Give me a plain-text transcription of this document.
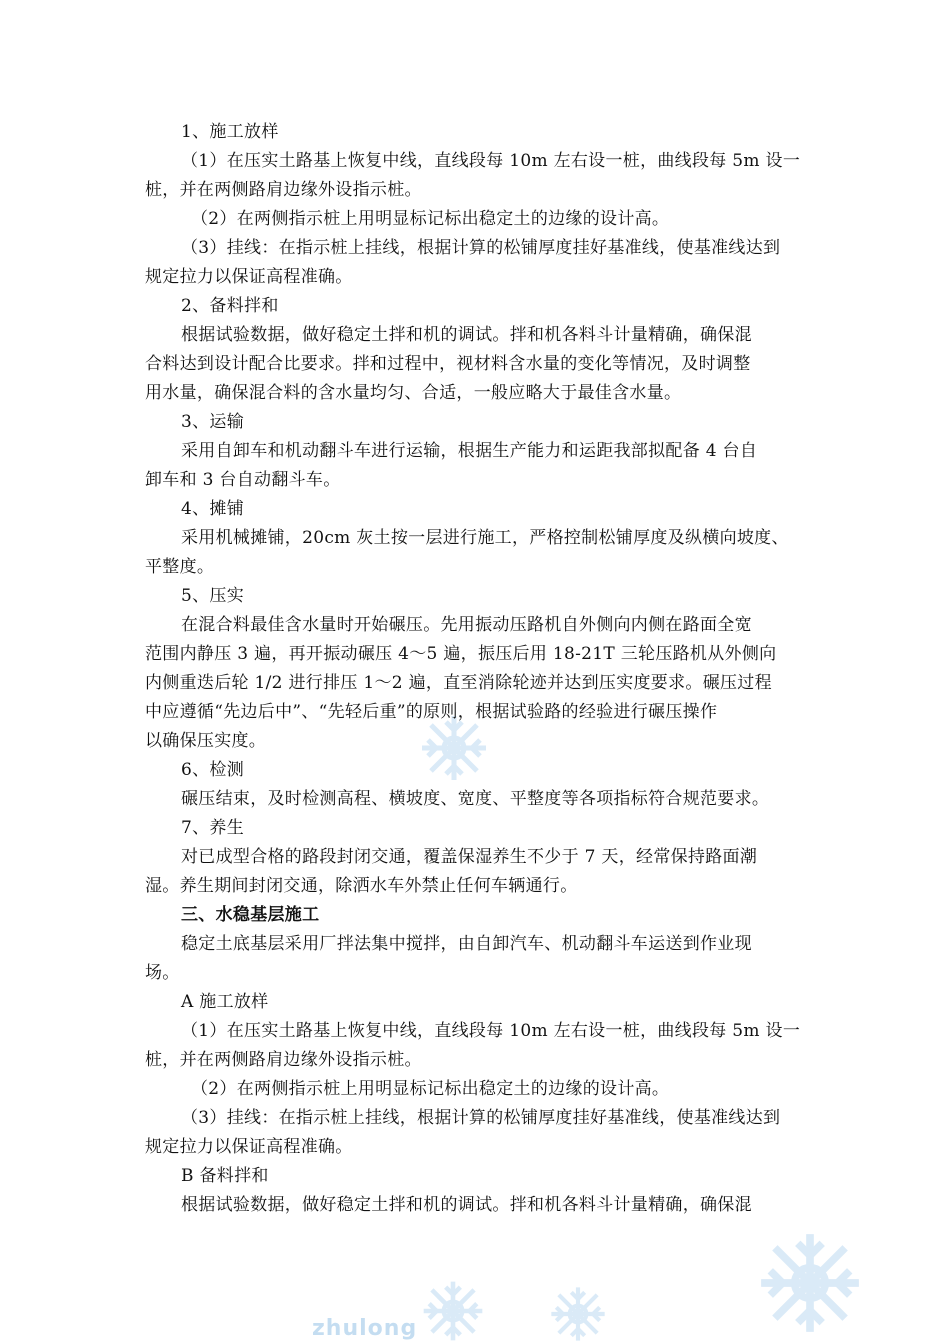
zhulong
1、施工放样
（1）在压实土路基上恢复中线，直线段每 10m 左右设一桩，曲线段每 5m 设一
桩，并在两侧路肩边缘外设指示桩。
（2）在两侧指示桩上用明显标记标出稳定土的边缘的设计高。
（3）挂线：在指示桩上挂线，根据计算的松铺厚度挂好基准线，使基准线达到
规定拉力以保证高程准确。
2、备料拌和
根据试验数据，做好稳定土拌和机的调试。拌和机各料斗计量精确，确保混
合料达到设计配合比要求。拌和过程中，视材料含水量的变化等情况，及时调整
用水量，确保混合料的含水量均匀、合适，一般应略大于最佳含水量。
3、运输
采用自卸车和机动翻斗车进行运输，根据生产能力和运距我部拟配备 4 台自
卸车和 3 台自动翻斗车。
4、摊铺
采用机械摊铺，20cm 灰土按一层进行施工，严格控制松铺厚度及纵横向坡度、
平整度。
5、压实
在混合料最佳含水量时开始碾压。先用振动压路机自外侧向内侧在路面全宽
范围内静压 3 遍，再开振动碾压 4～5 遍，振压后用 18-21T 三轮压路机从外侧向
内侧重迭后轮 1/2 进行排压 1～2 遍，直至消除轮迹并达到压实度要求。碾压过程
中应遵循“先边后中”、“先轻后重”的原则，根据试验路的经验进行碾压操作
以确保压实度。
6、检测
碾压结束，及时检测高程、横坡度、宽度、平整度等各项指标符合规范要求。
7、养生
对已成型合格的路段封闭交通，覆盖保湿养生不少于 7 天，经常保持路面潮
湿。养生期间封闭交通，除洒水车外禁止任何车辆通行。
三、水稳基层施工
稳定土底基层采用厂拌法集中搅拌，由自卸汽车、机动翻斗车运送到作业现
场。
A 施工放样
（1）在压实土路基上恢复中线，直线段每 10m 左右设一桩，曲线段每 5m 设一
桩，并在两侧路肩边缘外设指示桩。
（2）在两侧指示桩上用明显标记标出稳定土的边缘的设计高。
（3）挂线：在指示桩上挂线，根据计算的松铺厚度挂好基准线，使基准线达到
规定拉力以保证高程准确。
B 备料拌和
根据试验数据，做好稳定土拌和机的调试。拌和机各料斗计量精确，确保混
